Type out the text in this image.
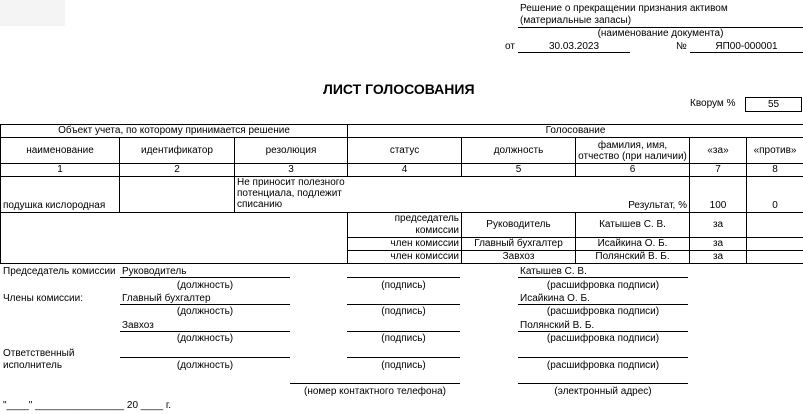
Решение о прекращении признания активом (материальные запасы)
(наименование документа)
от	30.03.2023	№	ЯП00-000001
ЛИСТ ГОЛОСОВАНИЯ
Кворум %	55
Объект учета, по которому принимается решение			Голосование				
наименование	идентификатор	резолюция	статус	должность	фамилия, имя, отчество (при наличии)	«за»	«против»
1	2	3	4	5	6	7	8
подушка кислородная		Не приносит полезного потенциала, подлежит списанию			Результат, %	100	0
			председатель комиссии	Руководитель	Катышев С. В.	за	
			член комиссии	Главный бухгалтер	Исайкина О. Б.	за	
			член комиссии	Завхоз	Полянский В. Б.	за	
Председатель комиссии Руководитель	Катышев С. В.
(должность)	(подпись)	(расшифровка подписи)
Члены комиссии:	Главный бухгалтер	Исайкина О. Б.
(должность)	(подпись)	(расшифровка подписи)
Завхоз	Полянский В. Б.
(должность)	(подпись)	(расшифровка подписи)
Ответственный
исполнитель	(должность)	(подпись)	(расшифровка подписи)
(номер контактного телефона)	(электронный адрес)
"____" ________________ 20 ____ г.
